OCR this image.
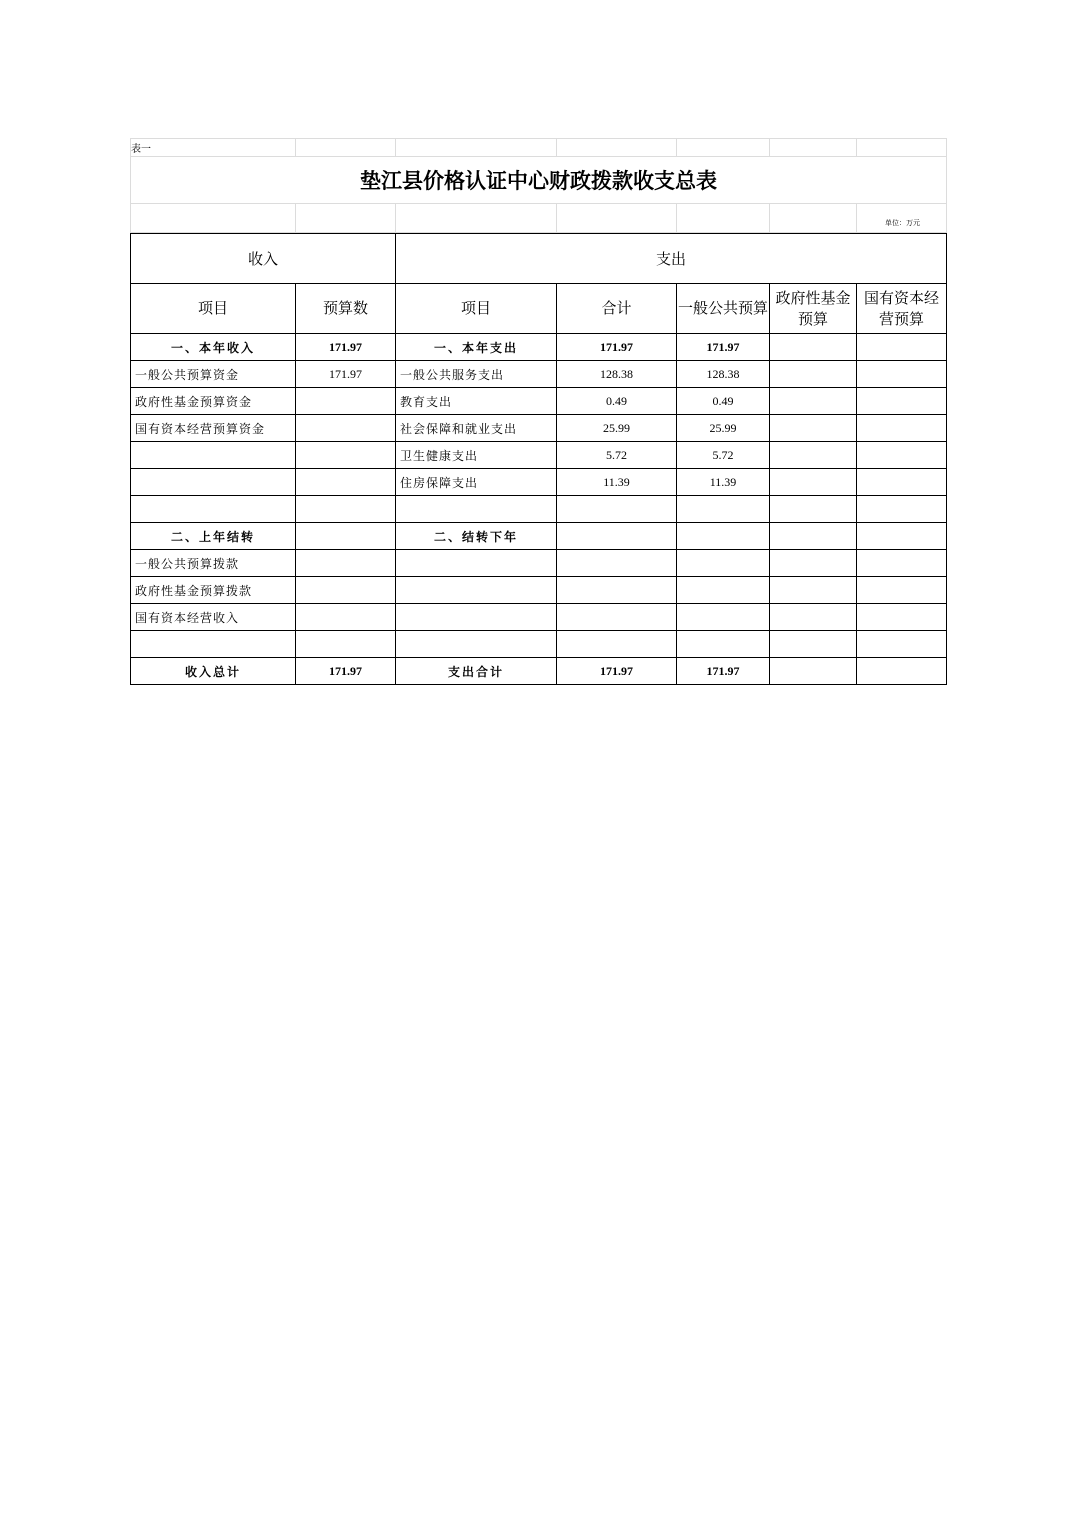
表一						
垫江县价格认证中心财政拨款收支总表						
						单位：万元
收入		支出				
项目	预算数	项目	合计	一般公共预算	政府性基金预算	国有资本经营预算
一、本年收入	171.97	一、本年支出	171.97	171.97		
一般公共预算资金	171.97	一般公共服务支出	128.38	128.38		
政府性基金预算资金		教育支出	0.49	0.49		
国有资本经营预算资金		社会保障和就业支出	25.99	25.99		
		卫生健康支出	5.72	5.72		
		住房保障支出	11.39	11.39		

二、上年结转		二、结转下年				
一般公共预算拨款						
政府性基金预算拨款						
国有资本经营收入						

收入总计	171.97	支出合计	171.97	171.97		
